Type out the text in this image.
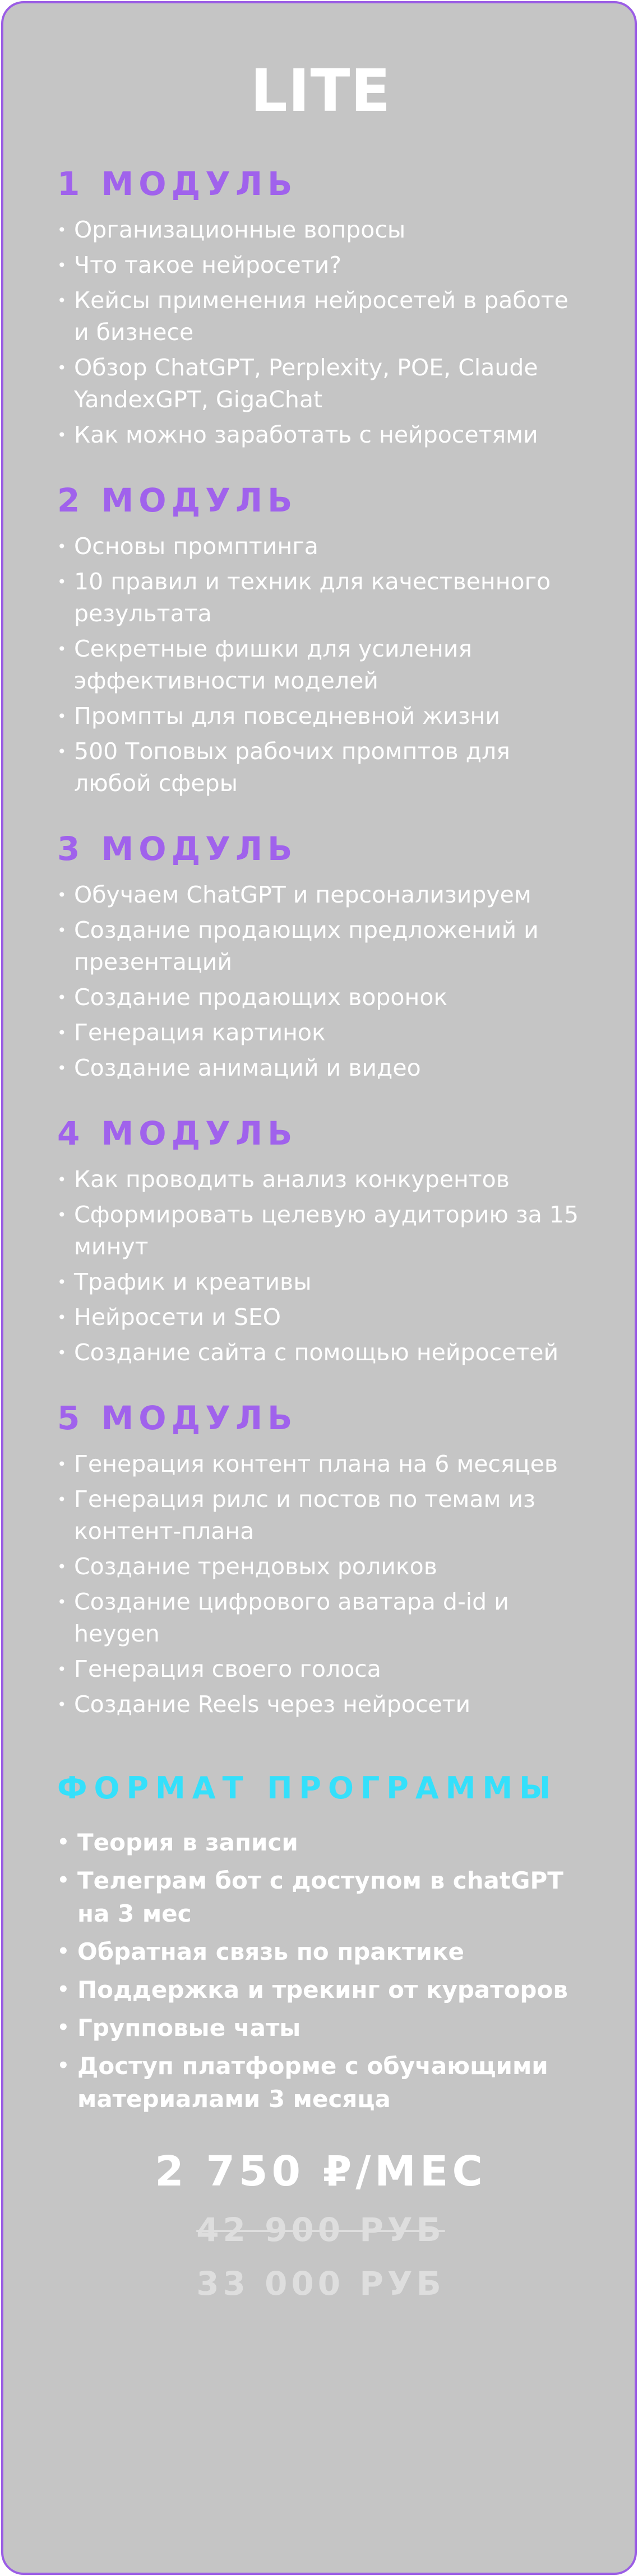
LITE
1 МОДУЛЬ
• Организационные вопросы
• Что такое нейросети?
• Кейсы применения нейросетей в работе и бизнесе
• Обзор ChatGPT, Perplexity, POE, Claude YandexGPT, GigaChat
• Как можно заработать с нейросетями
2 МОДУЛЬ
• Основы промптинга
• 10 правил и техник для качественного результата
• Секретные фишки для усиления эффективности моделей
• Промпты для повседневной жизни
• 500 Топовых рабочих промптов для любой сферы
3 МОДУЛЬ
• Обучаем ChatGPT и персонализируем
• Создание продающих предложений и презентаций
• Создание продающих воронок
• Генерация картинок
• Создание анимаций и видео
4 МОДУЛЬ
• Как проводить анализ конкурентов
• Сформировать целевую аудиторию за 15 минут
• Трафик и креативы
• Нейросети и SEO
• Создание сайта с помощью нейросетей
5 МОДУЛЬ
• Генерация контент плана на 6 месяцев
• Генерация рилс и постов по темам из контент-плана
• Создание трендовых роликов
• Создание цифрового аватара d-id и heygen
• Генерация своего голоса
• Создание Reels через нейросети
ФОРМАТ ПРОГРАММЫ
• Теория в записи
• Телеграм бот с доступом в chatGPT на 3 мес
• Обратная связь по практике
• Поддержка и трекинг от кураторов
• Групповые чаты
• Доступ платформе с обучающими материалами 3 месяца
2 750 ₽/МЕС
42 900 РУБ
33 000 РУБ
